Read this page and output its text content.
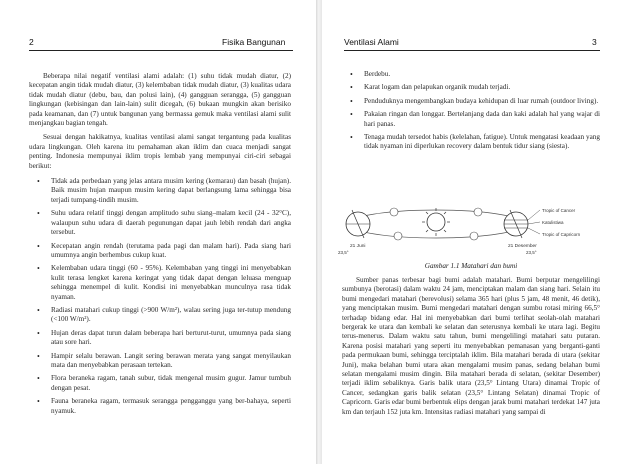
2	Fisika Bangunan

Beberapa nilai negatif ventilasi alami adalah: (1) suhu tidak mudah diatur, (2) kecepatan angin tidak mudah diatur, (3) kelembaban tidak mudah diatur, (3) kualitas udara tidak mudah diatur (debu, bau, dan polusi lain), (4) gangguan serangga, (5) gangguan lingkungan (kebisingan dan lain-lain) sulit dicegah, (6) bukaan mungkin akan berisiko pada keamanan, dan (7) untuk bangunan yang bermassa gemuk maka ventilasi alami sulit menjangkau bagian tengah.

Sesuai dengan hakikatnya, kualitas ventilasi alami sangat tergantung pada kualitas udara lingkungan. Oleh karena itu pemahaman akan iklim dan cuaca menjadi sangat penting. Indonesia mempunyai iklim tropis lembab yang mempunyai ciri-ciri sebagai berikut:

• Tidak ada perbedaan yang jelas antara musim kering (kemarau) dan basah (hujan). Baik musim hujan maupun musim kering dapat berlangsung lama sehingga bisa terjadi tumpang-tindih musim.
• Suhu udara relatif tinggi dengan amplitudo suhu siang–malam kecil (24 - 32°C), walaupun suhu udara di daerah pegunungan dapat jauh lebih rendah dari angka tersebut.
• Kecepatan angin rendah (terutama pada pagi dan malam hari). Pada siang hari umumnya angin berhembus cukup kuat.
• Kelembaban udara tinggi (60 - 95%). Kelembaban yang tinggi ini menyebabkan kulit terasa lengket karena keringat yang tidak dapat dengan leluasa menguap sehingga menempel di kulit. Kondisi ini menyebabkan munculnya rasa tidak nyaman.
• Radiasi matahari cukup tinggi (>900 W/m²), walau sering juga ter-tutup mendung (<100 W/m²).
• Hujan deras dapat turun dalam beberapa hari berturut-turut, umumnya pada siang atau sore hari.
• Hampir selalu berawan. Langit sering berawan merata yang sangat menyilaukan mata dan menyebabkan perasaan tertekan.
• Flora beraneka ragam, tanah subur, tidak mengenal musim gugur. Jamur tumbuh dengan pesat.
• Fauna beraneka ragam, termasuk serangga pengganggu yang ber-bahaya, seperti nyamuk.
Ventilasi Alami	3
• Berdebu.
• Karat logam dan pelapukan organik mudah terjadi.
• Penduduknya mengembangkan budaya kehidupan di luar rumah (outdoor living).
• Pakaian ringan dan longgar. Bertelanjang dada dan kaki adalah hal yang wajar di hari panas.
• Tenaga mudah tersedot habis (kelelahan, fatigue). Untuk mengatasi keadaan yang tidak nyaman ini diperlukan recovery dalam bentuk tidur siang (siesta).
Tropic of Cancer
Katulistiwa
Tropic of Capricorn
21 Juni	21 Desember
23,5°	23,5°
Gambar 1.1 Matahari dan bumi

Sumber panas terbesar bagi bumi adalah matahari. Bumi berputar mengelilingi sumbunya (berotasi) dalam waktu 24 jam, menciptakan malam dan siang hari. Selain itu bumi mengedari matahari (berevolusi) selama 365 hari (plus 5 jam, 48 menit, 46 detik), yang menciptakan musim. Bumi mengedari matahari dengan sumbu rotasi miring 66,5° terhadap bidang edar. Hal ini menyebabkan dari bumi terlihat seolah-olah matahari bergerak ke utara dan kembali ke selatan dan seterusnya kembali ke utara lagi. Begitu terus-menerus. Dalam waktu satu tahun, bumi mengelilingi matahari satu putaran. Karena posisi matahari yang seperti itu menyebabkan pemanasan yang berganti-ganti pada permukaan bumi, sehingga terciptalah iklim. Bila matahari berada di utara (sekitar Juni), maka belahan bumi utara akan mengalami musim panas, sedang belahan bumi selatan mengalami musim dingin. Bila matahari berada di selatan, (sekitar Desember) terjadi iklim sebaliknya. Garis balik utara (23,5° Lintang Utara) dinamai Tropic of Cancer, sedangkan garis balik selatan (23,5° Lintang Selatan) dinamai Tropic of Capricorn. Garis edar bumi berbentuk elips dengan jarak bumi matahari terdekat 147 juta km dan terjauh 152 juta km. Intensitas radiasi matahari yang sampai di
